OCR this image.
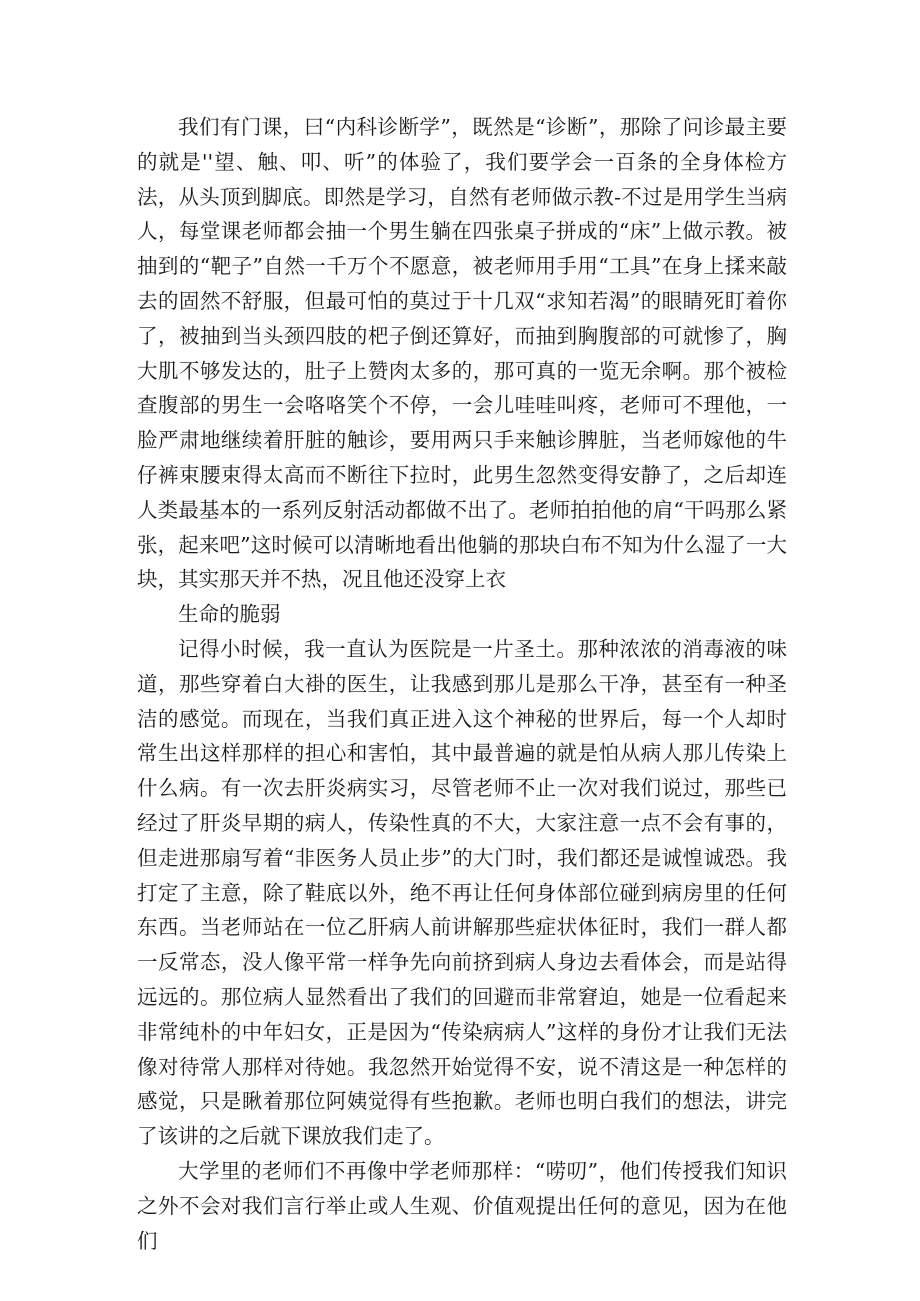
我们有门课，曰“内科诊断学”，既然是“诊断”，那除了问诊最主要的就是''望、触、叩、听”的体验了，我们要学会一百条的全身体检方法，从头顶到脚底。即然是学习，自然有老师做示教-不过是用学生当病人，每堂课老师都会抽一个男生躺在四张桌子拼成的“床”上做示教。被抽到的“靶子”自然一千万个不愿意，被老师用手用“工具”在身上揉来敲去的固然不舒服，但最可怕的莫过于十几双“求知若渴”的眼睛死盯着你了，被抽到当头颈四肢的杷子倒还算好，而抽到胸腹部的可就惨了，胸大肌不够发达的，肚子上赞肉太多的，那可真的一览无余啊。那个被检查腹部的男生一会咯咯笑个不停，一会儿哇哇叫疼，老师可不理他，一脸严肃地继续着肝脏的触诊，要用两只手来触诊脾脏，当老师嫁他的牛仔裤束腰束得太高而不断往下拉时，此男生忽然变得安静了，之后却连人类最基本的一系列反射活动都做不出了。老师拍拍他的肩“干吗那么紧张，起来吧”这时候可以清晰地看出他躺的那块白布不知为什么湿了一大块，其实那天并不热，况且他还没穿上衣

生命的脆弱

记得小时候，我一直认为医院是一片圣土。那种浓浓的消毒液的味道，那些穿着白大褂的医生，让我感到那儿是那么干净，甚至有一种圣洁的感觉。而现在，当我们真正进入这个神秘的世界后，每一个人却时常生出这样那样的担心和害怕，其中最普遍的就是怕从病人那儿传染上什么病。有一次去肝炎病实习，尽管老师不止一次对我们说过，那些已经过了肝炎早期的病人，传染性真的不大，大家注意一点不会有事的，但走进那扇写着“非医务人员止步”的大门时，我们都还是诚惶诚恐。我打定了主意，除了鞋底以外，绝不再让任何身体部位碰到病房里的任何东西。当老师站在一位乙肝病人前讲解那些症状体征时，我们一群人都一反常态，没人像平常一样争先向前挤到病人身边去看体会，而是站得远远的。那位病人显然看出了我们的回避而非常窘迫，她是一位看起来非常纯朴的中年妇女，正是因为“传染病病人”这样的身份才让我们无法像对待常人那样对待她。我忽然开始觉得不安，说不清这是一种怎样的感觉，只是瞅着那位阿姨觉得有些抱歉。老师也明白我们的想法，讲完了该讲的之后就下课放我们走了。

大学里的老师们不再像中学老师那样：“唠叨”，他们传授我们知识之外不会对我们言行举止或人生观、价值观提出任何的意见，因为在他们
